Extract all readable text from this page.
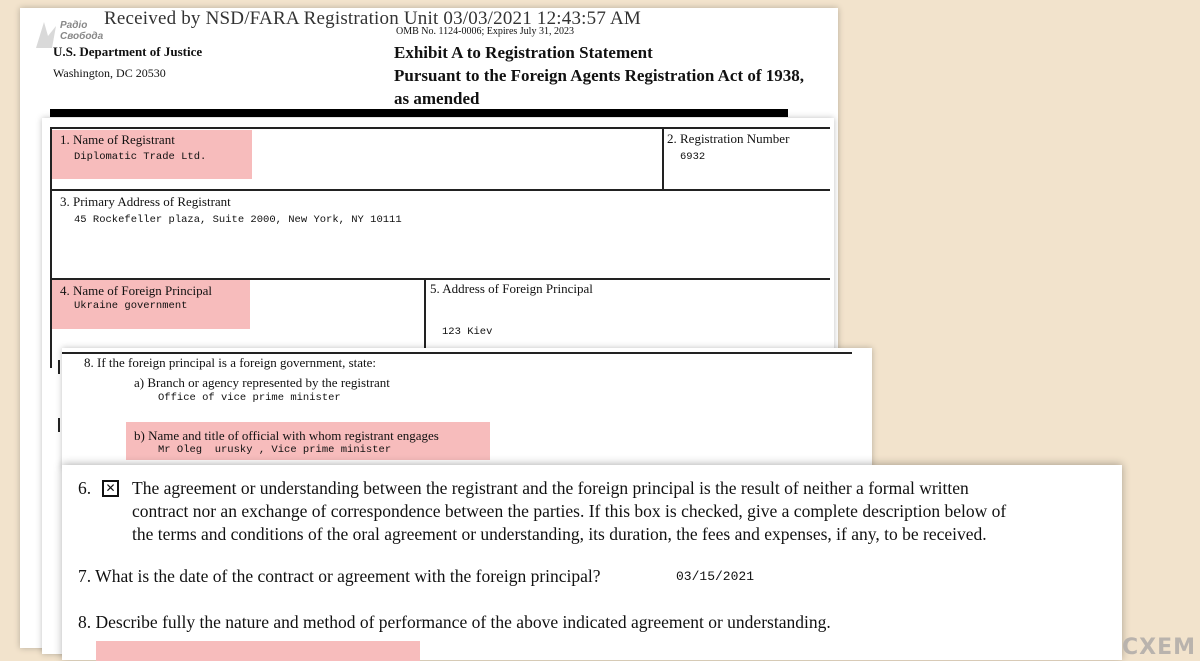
Радіо
Свобода
Received by NSD/FARA Registration Unit 03/03/2021 12:43:57 AM
OMB No. 1124-0006; Expires July 31, 2023
U.S. Department of Justice
Washington, DC 20530
Exhibit A to Registration Statement
Pursuant to the Foreign Agents Registration Act of 1938, as amended
1. Name of Registrant
Diplomatic Trade Ltd.
2. Registration Number
6932
3. Primary Address of Registrant
45 Rockefeller plaza, Suite 2000, New York, NY 10111
4. Name of Foreign Principal
Ukraine government
5. Address of Foreign Principal

123 Kiev

8. If the foreign principal is a foreign government, state:
a) Branch or agency represented by the registrant
Office of vice prime minister
b) Name and title of official with whom registrant engages
Mr Oleg  urusky , Vice prime minister
6. ✕ The agreement or understanding between the registrant and the foreign principal is the result of neither a formal written
contract nor an exchange of correspondence between the parties. If this box is checked, give a complete description below of
the terms and conditions of the oral agreement or understanding, its duration, the fees and expenses, if any, to be received.
7. What is the date of the contract or agreement with the foreign principal?	03/15/2021
8. Describe fully the nature and method of performance of the above indicated agreement or understanding.
СХЕМ
